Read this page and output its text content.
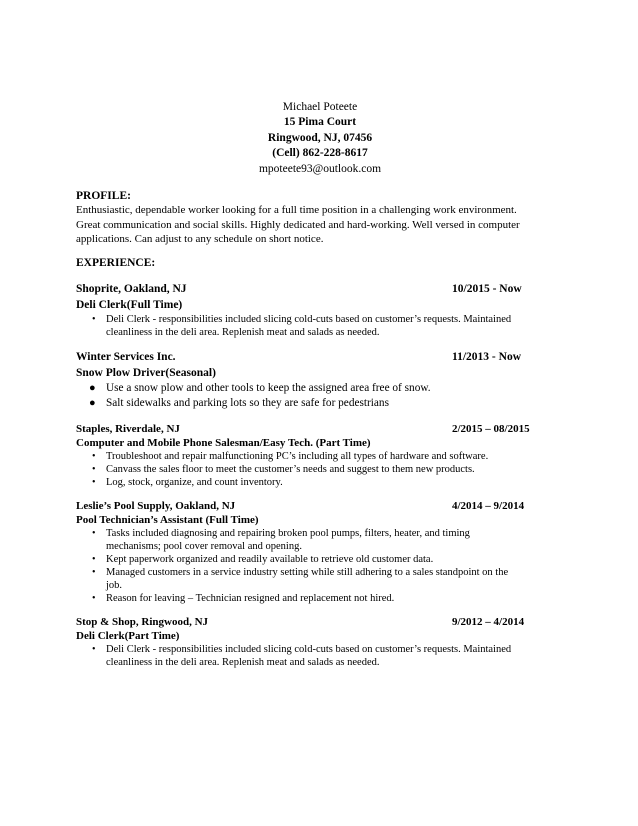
Michael Poteete
15 Pima Court
Ringwood, NJ, 07456
(Cell) 862-228-8617
mpoteete93@outlook.com
PROFILE:
Enthusiastic, dependable worker looking for a full time position in a challenging work environment.
Great communication and social skills. Highly dedicated and hard-working. Well versed in computer
applications. Can adjust to any schedule on short notice.
EXPERIENCE:
Shoprite, Oakland, NJ	10/2015 - Now
Deli Clerk(Full Time)
• Deli Clerk - responsibilities included slicing cold-cuts based on customer’s requests. Maintained
cleanliness in the deli area. Replenish meat and salads as needed.
Winter Services Inc.	11/2013 - Now
Snow Plow Driver(Seasonal)
● Use a snow plow and other tools to keep the assigned area free of snow.
● Salt sidewalks and parking lots so they are safe for pedestrians
Staples, Riverdale, NJ	2/2015 – 08/2015
Computer and Mobile Phone Salesman/Easy Tech. (Part Time)
• Troubleshoot and repair malfunctioning PC’s including all types of hardware and software.
• Canvass the sales floor to meet the customer’s needs and suggest to them new products.
• Log, stock, organize, and count inventory.
Leslie’s Pool Supply, Oakland, NJ	4/2014 – 9/2014
Pool Technician’s Assistant (Full Time)
• Tasks included diagnosing and repairing broken pool pumps, filters, heater, and timing
mechanisms; pool cover removal and opening.
• Kept paperwork organized and readily available to retrieve old customer data.
• Managed customers in a service industry setting while still adhering to a sales standpoint on the
job.
• Reason for leaving – Technician resigned and replacement not hired.
Stop & Shop, Ringwood, NJ	9/2012 – 4/2014
Deli Clerk(Part Time)
• Deli Clerk - responsibilities included slicing cold-cuts based on customer’s requests. Maintained
cleanliness in the deli area. Replenish meat and salads as needed.
